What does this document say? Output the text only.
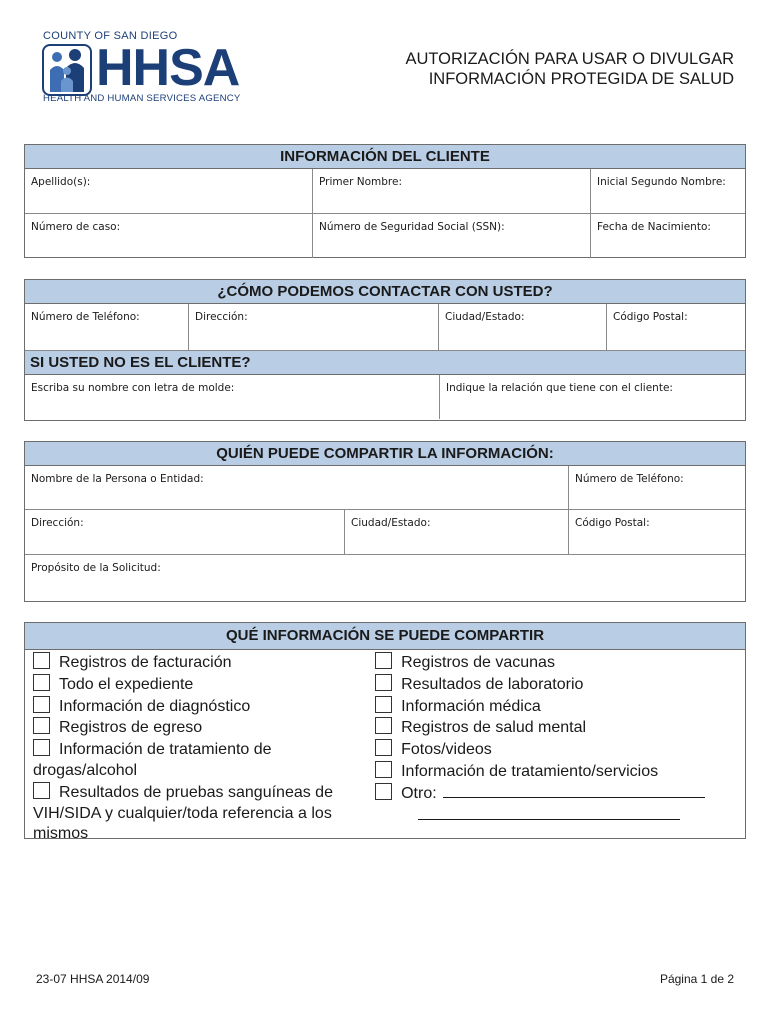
COUNTY OF SAN DIEGO
HHSA
HEALTH AND HUMAN SERVICES AGENCY
AUTORIZACIÓN PARA USAR O DIVULGAR
INFORMACIÓN PROTEGIDA DE SALUD
INFORMACIÓN DEL CLIENTE
Apellido(s):	Primer Nombre:	Inicial Segundo Nombre:
Número de caso:	Número de Seguridad Social (SSN):	Fecha de Nacimiento:
¿CÓMO PODEMOS CONTACTAR CON USTED?
Número de Teléfono:	Dirección:	Ciudad/Estado:	Código Postal:
SI USTED NO ES EL CLIENTE?
Escriba su nombre con letra de molde:	Indique la relación que tiene con el cliente:
QUIÉN PUEDE COMPARTIR LA INFORMACIÓN:
Nombre de la Persona o Entidad:	Número de Teléfono:
Dirección:	Ciudad/Estado:	Código Postal:
Propósito de la Solicitud:
QUÉ INFORMACIÓN SE PUEDE COMPARTIR
Registros de facturación
Todo el expediente
Información de diagnóstico
Registros de egreso
Información de tratamiento de drogas/alcohol
Resultados de pruebas sanguíneas de VIH/SIDA y cualquier/toda referencia a los mismos
Registros de vacunas
Resultados de laboratorio
Información médica
Registros de salud mental
Fotos/videos
Información de tratamiento/servicios
Otro:
23-07 HHSA 2014/09	Página 1 de 2
